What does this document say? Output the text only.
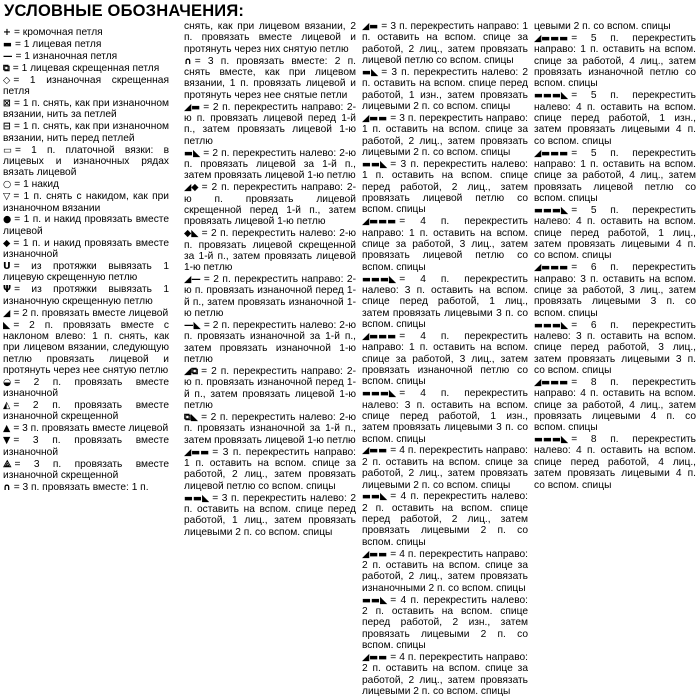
УСЛОВНЫЕ ОБОЗНАЧЕНИЯ:
+ = кромочная петля
▬ = 1 лицевая петля
— = 1 изнаночная петля
⧉ = 1 лицевая скрещенная петля
◇ = 1 изнаночная скрещенная петля
⊠ = 1 п. снять, как при изнаночном вязании, нить за петлей
⊟ = 1 п. снять, как при изнаночном вязании, нить перед петлей
▭ = 1 п. платочной вязки: в лицевых и изнаночных рядах вязать лицевой
○ = 1 накид
▽ = 1 п. снять с накидом, как при изнаночном вязании
● = 1 п. и накид провязать вместе лицевой
◆ = 1 п. и накид провязать вместе изнаночной
U = из протяжки вывязать 1 лицевую скрещенную петлю
Ψ = из протяжки вывязать 1 изнаночную скрещенную петлю
◢ = 2 п. провязать вместе лицевой
◣ = 2 п. провязать вместе с наклоном влево: 1 п. снять, как при лицевом вязании, следующую петлю провязать лицевой и протянуть через нее снятую петлю
◒ = 2 п. провязать вместе изнаночной
◭ = 2 п. провязать вместе изнаночной скрещенной
▲ = 3 п. провязать вместе лицевой
▼ = 3 п. провязать вместе изнаночной
⟁ = 3 п. провязать вместе изнаночной скрещенной
∩ = 3 п. провязать вместе: 1 п.
снять, как при лицевом вязании, 2 п. провязать вместе лицевой и протянуть через них снятую петлю
∩ = 3 п. провязать вместе: 2 п. снять вместе, как при лицевом вязании, 1 п. провязать лицевой и протянуть через нее снятые петли
◢▬ = 2 п. перекрестить направо: 2-ю п. провязать лицевой перед 1-й п., затем провязать лицевой 1-ю петлю
▬◣ = 2 п. перекрестить налево: 2-ю п. провязать лицевой за 1-й п., затем провязать лицевой 1-ю петлю
◢◆ = 2 п. перекрестить направо: 2-ю п. провязать лицевой скрещенной перед 1-й п., затем провязать лицевой 1-ю петлю
◆◣ = 2 п. перекрестить налево: 2-ю п. провязать лицевой скрещенной за 1-й п., затем провязать лицевой 1-ю петлю
◢— = 2 п. перекрестить направо: 2-ю п. провязать изнаночной перед 1-й п., затем провязать изнаночной 1-ю петлю
—◣ = 2 п. перекрестить налево: 2-ю п. провязать изнаночной за 1-й п., затем провязать изнаночной 1-ю петлю
◢⧉ = 2 п. перекрестить направо: 2-ю п. провязать изнаночной перед 1-й п., затем провязать лицевой 1-ю петлю
⧉◣ = 2 п. перекрестить налево: 2-ю п. провязать изнаночной за 1-й п., затем провязать лицевой 1-ю петлю
◢▬▬ = 3 п. перекрестить направо: 1 п. оставить на вспом. спице за работой, 2 лиц., затем провязать лицевой петлю со вспом. спицы
▬▬◣ = 3 п. перекрестить налево: 2 п. оставить на вспом. спице перед работой, 1 лиц., затем провязать лицевыми 2 п. со вспом. спицы
◢▬ = 3 п. перекрестить направо: 1 п. оставить на вспом. спице за работой, 2 лиц., затем провязать лицевой петлю со вспом. спицы
▬◣ = 3 п. перекрестить налево: 2 п. оставить на вспом. спице перед работой, 1 изн., затем провязать лицевыми 2 п. со вспом. спицы
◢▬▬ = 3 п. перекрестить направо: 1 п. оставить на вспом. спице за работой, 2 лиц., затем провязать лицевыми 2 п. со вспом. спицы
▬▬◣ = 3 п. перекрестить налево: 1 п. оставить на вспом. спице перед работой, 2 лиц., затем провязать лицевой петлю со вспом. спицы
◢▬▬▬ = 4 п. перекрестить направо: 1 п. оставить на вспом. спице за работой, 3 лиц., затем провязать лицевой петлю со вспом. спицы
▬▬▬◣ = 4 п. перекрестить налево: 3 п. оставить на вспом. спице перед работой, 1 лиц., затем провязать лицевыми 3 п. со вспом. спицы
◢▬▬▬ = 4 п. перекрестить направо: 1 п. оставить на вспом. спице за работой, 3 лиц., затем провязать изнаночной петлю со вспом. спицы
▬▬▬◣ = 4 п. перекрестить налево: 3 п. оставить на вспом. спице перед работой, 1 изн., затем провязать лицевыми 3 п. со вспом. спицы
◢▬▬ = 4 п. перекрестить направо: 2 п. оставить на вспом. спице за работой, 2 лиц., затем провязать лицевыми 2 п. со вспом. спицы
▬▬◣ = 4 п. перекрестить налево: 2 п. оставить на вспом. спице перед работой, 2 лиц., затем провязать лицевыми 2 п. со вспом. спицы
◢▬▬ = 4 п. перекрестить направо: 2 п. оставить на вспом. спице за работой, 2 лиц., затем провязать изнаночными 2 п. со вспом. спицы
▬▬◣ = 4 п. перекрестить налево: 2 п. оставить на вспом. спице перед работой, 2 изн., затем провязать лицевыми 2 п. со вспом. спицы
◢▬▬ = 4 п. перекрестить направо: 2 п. оставить на вспом. спице за работой, 2 лиц., затем провязать лицевыми 2 п. со вспом. спицы
цевыми 2 п. со вспом. спицы
◢▬▬▬ = 5 п. перекрестить направо: 1 п. оставить на вспом. спице за работой, 4 лиц., затем провязать изнаночной петлю со вспом. спицы
▬▬▬◣ = 5 п. перекрестить налево: 4 п. оставить на вспом. спице перед работой, 1 изн., затем провязать лицевыми 4 п. со вспом. спицы
◢▬▬▬ = 5 п. перекрестить направо: 1 п. оставить на вспом. спице за работой, 4 лиц., затем провязать лицевой петлю со вспом. спицы
▬▬▬◣ = 5 п. перекрестить налево: 4 п. оставить на вспом. спице перед работой, 1 лиц., затем провязать лицевыми 4 п. со вспом. спицы
◢▬▬▬ = 6 п. перекрестить направо: 3 п. оставить на вспом. спице за работой, 3 лиц., затем провязать лицевыми 3 п. со вспом. спицы
▬▬▬◣ = 6 п. перекрестить налево: 3 п. оставить на вспом. спице перед работой, 3 лиц., затем провязать лицевыми 3 п. со вспом. спицы
◢▬▬▬ = 8 п. перекрестить направо: 4 п. оставить на вспом. спице за работой, 4 лиц., затем провязать лицевыми 4 п. со вспом. спицы
▬▬▬◣ = 8 п. перекрестить налево: 4 п. оставить на вспом. спице перед работой, 4 лиц., затем провязать лицевыми 4 п. со вспом. спицы
